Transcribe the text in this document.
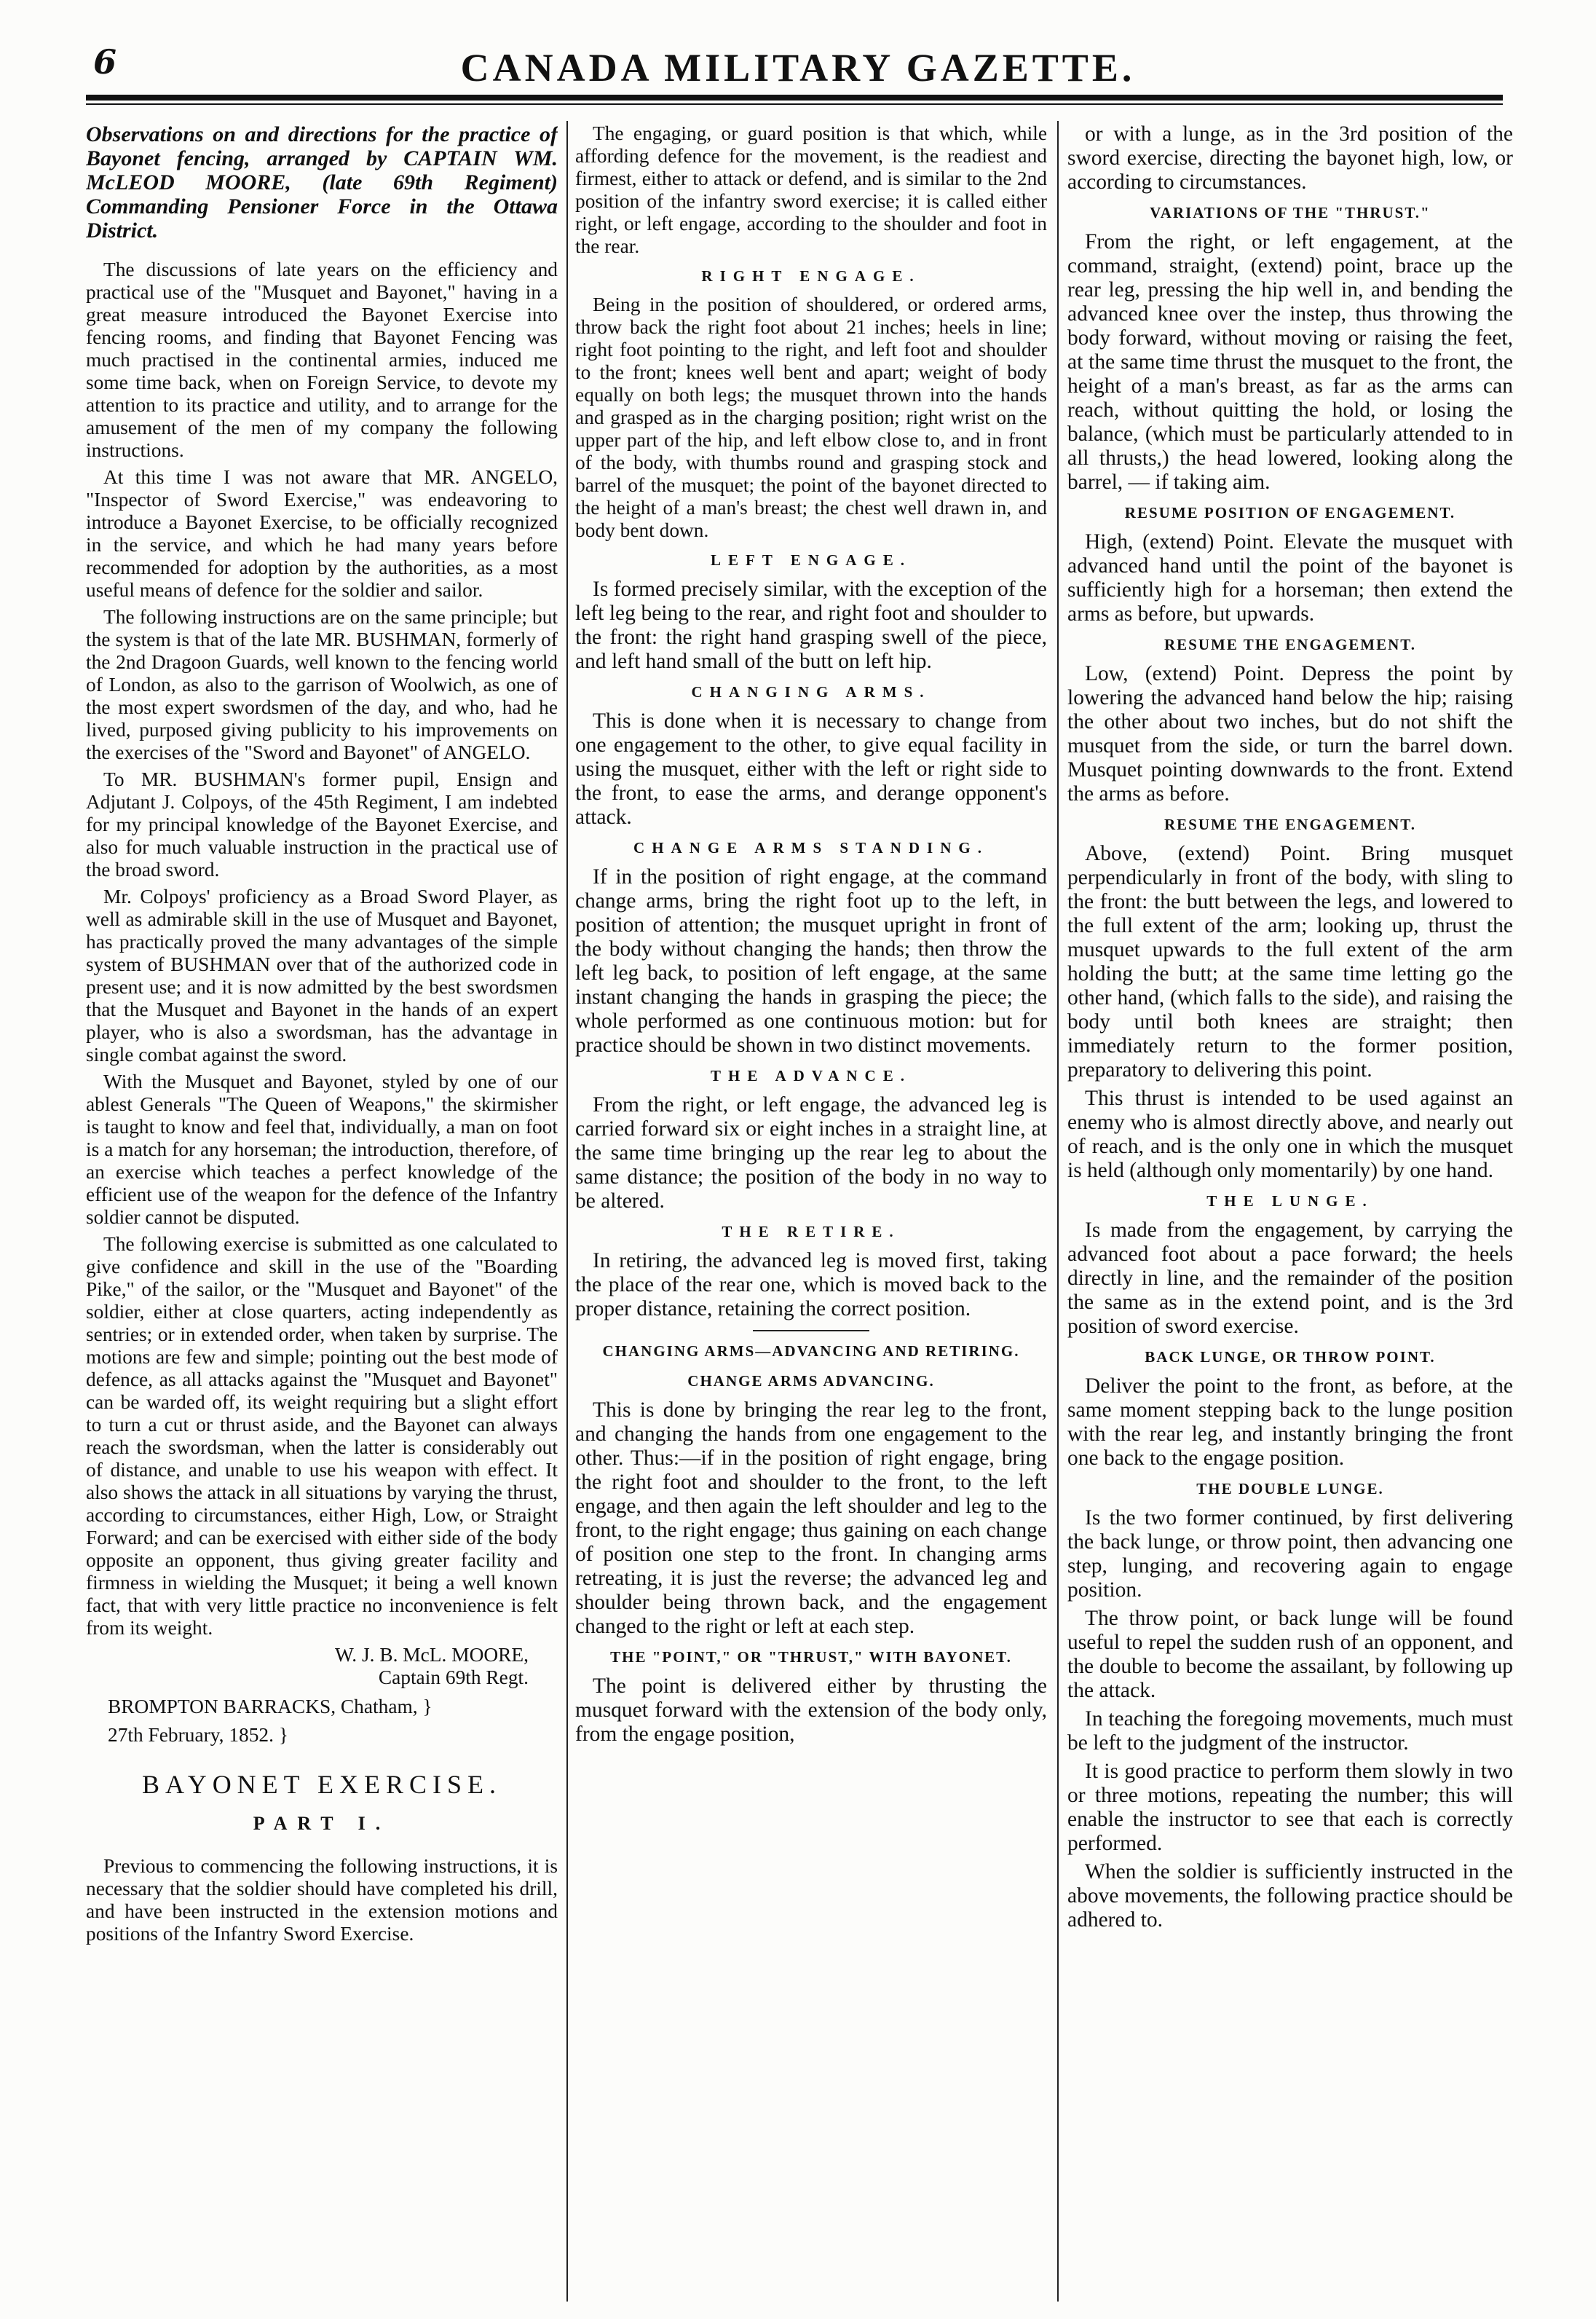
6	CANADA MILITARY GAZETTE.

Observations on and directions for the practice of Bayonet fencing, arranged by CAPTAIN WM. McLEOD MOORE, (late 69th Regiment) Commanding Pensioner Force in the Ottawa District.

The discussions of late years on the efficiency and practical use of the "Musquet and Bayonet," having in a great measure introduced the Bayonet Exercise into fencing rooms, and finding that Bayonet Fencing was much practised in the continental armies, induced me some time back, when on Foreign Service, to devote my attention to its practice and utility, and to arrange for the amusement of the men of my company the following instructions.

At this time I was not aware that MR. ANGELO, "Inspector of Sword Exercise," was endeavoring to introduce a Bayonet Exercise, to be officially recognized in the service, and which he had many years before recommended for adoption by the authorities, as a most useful means of defence for the soldier and sailor.

The following instructions are on the same principle; but the system is that of the late MR. BUSHMAN, formerly of the 2nd Dragoon Guards, well known to the fencing world of London, as also to the garrison of Woolwich, as one of the most expert swordsmen of the day, and who, had he lived, purposed giving publicity to his improvements on the exercises of the "Sword and Bayonet" of ANGELO.

To MR. BUSHMAN's former pupil, Ensign and Adjutant J. Colpoys, of the 45th Regiment, I am indebted for my principal knowledge of the Bayonet Exercise, and also for much valuable instruction in the practical use of the broad sword.

Mr. Colpoys' proficiency as a Broad Sword Player, as well as admirable skill in the use of Musquet and Bayonet, has practically proved the many advantages of the simple system of BUSHMAN over that of the authorized code in present use; and it is now admitted by the best swordsmen that the Musquet and Bayonet in the hands of an expert player, who is also a swordsman, has the advantage in single combat against the sword.

With the Musquet and Bayonet, styled by one of our ablest Generals "The Queen of Weapons," the skirmisher is taught to know and feel that, individually, a man on foot is a match for any horseman; the introduction, therefore, of an exercise which teaches a perfect knowledge of the efficient use of the weapon for the defence of the Infantry soldier cannot be disputed.

The following exercise is submitted as one calculated to give confidence and skill in the use of the "Boarding Pike," of the sailor, or the "Musquet and Bayonet" of the soldier, either at close quarters, acting independently as sentries; or in extended order, when taken by surprise. The motions are few and simple; pointing out the best mode of defence, as all attacks against the "Musquet and Bayonet" can be warded off, its weight requiring but a slight effort to turn a cut or thrust aside, and the Bayonet can always reach the swordsman, when the latter is considerably out of distance, and unable to use his weapon with effect. It also shows the attack in all situations by varying the thrust, according to circumstances, either High, Low, or Straight Forward; and can be exercised with either side of the body opposite an opponent, thus giving greater facility and firmness in wielding the Musquet; it being a well known fact, that with very little practice no inconvenience is felt from its weight.

W. J. B. McL. MOORE,
Captain 69th Regt.
BROMPTON BARRACKS, Chatham, }
27th February, 1852. }
BAYONET EXERCISE.
PART I.

Previous to commencing the following instructions, it is necessary that the soldier should have completed his drill, and have been instructed in the extension motions and positions of the Infantry Sword Exercise.

The engaging, or guard position is that which, while affording defence for the movement, is the readiest and firmest, either to attack or defend, and is similar to the 2nd position of the infantry sword exercise; it is called either right, or left engage, according to the shoulder and foot in the rear.

RIGHT ENGAGE.

Being in the position of shouldered, or ordered arms, throw back the right foot about 21 inches; heels in line; right foot pointing to the right, and left foot and shoulder to the front; knees well bent and apart; weight of body equally on both legs; the musquet thrown into the hands and grasped as in the charging position; right wrist on the upper part of the hip, and left elbow close to, and in front of the body, with thumbs round and grasping stock and barrel of the musquet; the point of the bayonet directed to the height of a man's breast; the chest well drawn in, and body bent down.

LEFT ENGAGE.

Is formed precisely similar, with the exception of the left leg being to the rear, and right foot and shoulder to the front: the right hand grasping swell of the piece, and left hand small of the butt on left hip.

CHANGING ARMS.

This is done when it is necessary to change from one engagement to the other, to give equal facility in using the musquet, either with the left or right side to the front, to ease the arms, and derange opponent's attack.

CHANGE ARMS STANDING.

If in the position of right engage, at the command change arms, bring the right foot up to the left, in position of attention; the musquet upright in front of the body without changing the hands; then throw the left leg back, to position of left engage, at the same instant changing the hands in grasping the piece; the whole performed as one continuous motion: but for practice should be shown in two distinct movements.

THE ADVANCE.

From the right, or left engage, the advanced leg is carried forward six or eight inches in a straight line, at the same time bringing up the rear leg to about the same distance; the position of the body in no way to be altered.

THE RETIRE.

In retiring, the advanced leg is moved first, taking the place of the rear one, which is moved back to the proper distance, retaining the correct position.

CHANGING ARMS—ADVANCING AND RETIRING.
CHANGE ARMS ADVANCING.

This is done by bringing the rear leg to the front, and changing the hands from one engagement to the other. Thus:—if in the position of right engage, bring the right foot and shoulder to the front, to the left engage, and then again the left shoulder and leg to the front, to the right engage; thus gaining on each change of position one step to the front. In changing arms retreating, it is just the reverse; the advanced leg and shoulder being thrown back, and the engagement changed to the right or left at each step.

THE "POINT," OR "THRUST," WITH BAYONET.

The point is delivered either by thrusting the musquet forward with the extension of the body only, from the engage position,

or with a lunge, as in the 3rd position of the sword exercise, directing the bayonet high, low, or according to circumstances.

VARIATIONS OF THE "THRUST."

From the right, or left engagement, at the command, straight, (extend) point, brace up the rear leg, pressing the hip well in, and bending the advanced knee over the instep, thus throwing the body forward, without moving or raising the feet, at the same time thrust the musquet to the front, the height of a man's breast, as far as the arms can reach, without quitting the hold, or losing the balance, (which must be particularly attended to in all thrusts,) the head lowered, looking along the barrel, — if taking aim.

RESUME POSITION OF ENGAGEMENT.

High, (extend) Point. Elevate the musquet with advanced hand until the point of the bayonet is sufficiently high for a horseman; then extend the arms as before, but upwards.

RESUME THE ENGAGEMENT.

Low, (extend) Point. Depress the point by lowering the advanced hand below the hip; raising the other about two inches, but do not shift the musquet from the side, or turn the barrel down. Musquet pointing downwards to the front. Extend the arms as before.

RESUME THE ENGAGEMENT.

Above, (extend) Point. Bring musquet perpendicularly in front of the body, with sling to the front: the butt between the legs, and lowered to the full extent of the arm; looking up, thrust the musquet upwards to the full extent of the arm holding the butt; at the same time letting go the other hand, (which falls to the side), and raising the body until both knees are straight; then immediately return to the former position, preparatory to delivering this point.

This thrust is intended to be used against an enemy who is almost directly above, and nearly out of reach, and is the only one in which the musquet is held (although only momentarily) by one hand.

THE LUNGE.

Is made from the engagement, by carrying the advanced foot about a pace forward; the heels directly in line, and the remainder of the position the same as in the extend point, and is the 3rd position of sword exercise.

BACK LUNGE, OR THROW POINT.

Deliver the point to the front, as before, at the same moment stepping back to the lunge position with the rear leg, and instantly bringing the front one back to the engage position.

THE DOUBLE LUNGE.

Is the two former continued, by first delivering the back lunge, or throw point, then advancing one step, lunging, and recovering again to engage position.

The throw point, or back lunge will be found useful to repel the sudden rush of an opponent, and the double to become the assailant, by following up the attack.

In teaching the foregoing movements, much must be left to the judgment of the instructor.

It is good practice to perform them slowly in two or three motions, repeating the number; this will enable the instructor to see that each is correctly performed.

When the soldier is sufficiently instructed in the above movements, the following practice should be adhered to.
